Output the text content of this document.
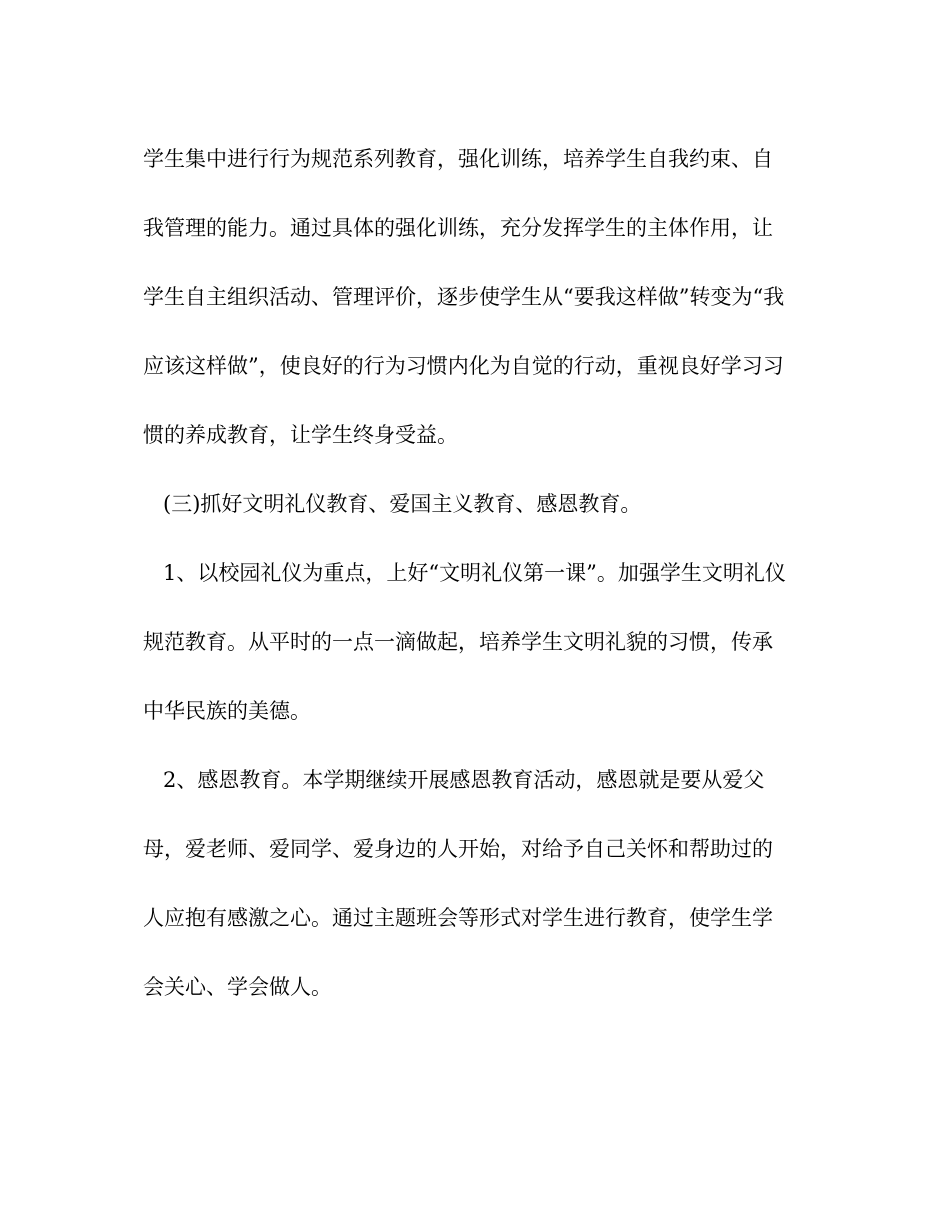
学生集中进行行为规范系列教育，强化训练，培养学生自我约束、自
我管理的能力。通过具体的强化训练，充分发挥学生的主体作用，让
学生自主组织活动、管理评价，逐步使学生从“要我这样做”转变为“我
应该这样做”，使良好的行为习惯内化为自觉的行动，重视良好学习习
惯的养成教育，让学生终身受益。
(三)抓好文明礼仪教育、爱国主义教育、感恩教育。
1、以校园礼仪为重点，上好“文明礼仪第一课”。加强学生文明礼仪
规范教育。从平时的一点一滴做起，培养学生文明礼貌的习惯，传承
中华民族的美德。
2、感恩教育。本学期继续开展感恩教育活动，感恩就是要从爱父
母，爱老师、爱同学、爱身边的人开始，对给予自己关怀和帮助过的
人应抱有感激之心。通过主题班会等形式对学生进行教育，使学生学
会关心、学会做人。
